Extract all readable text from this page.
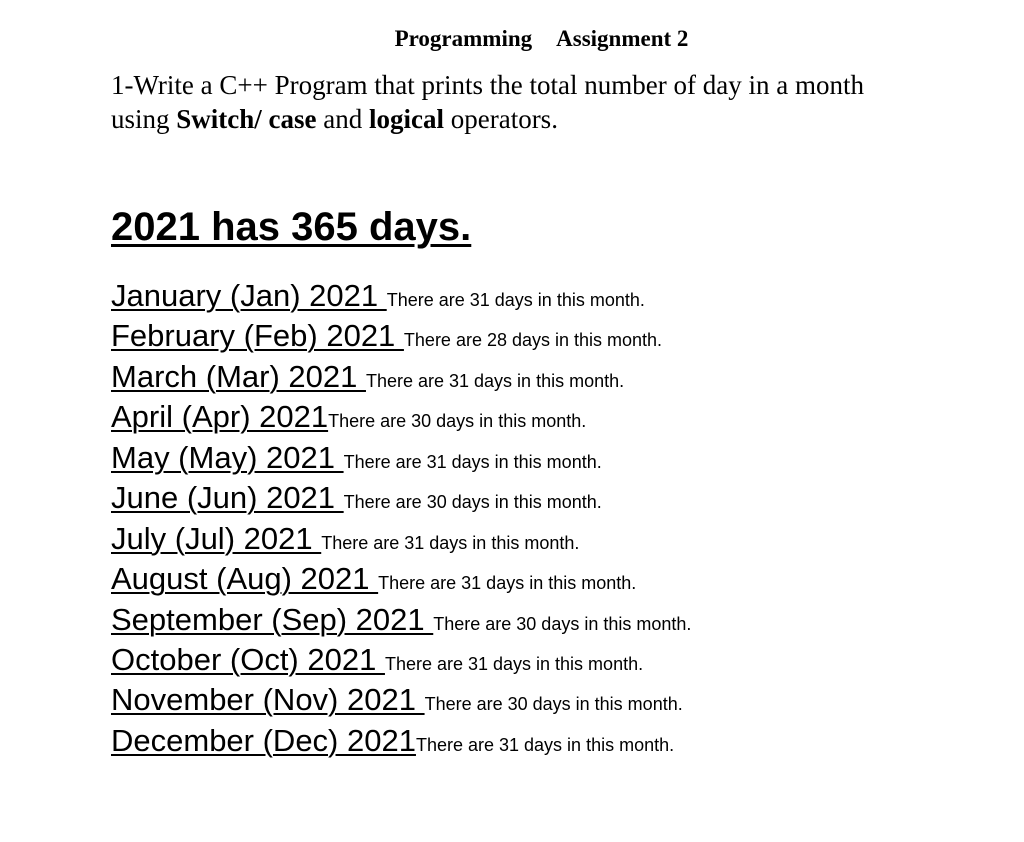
Programming Assignment 2
1-Write a C++ Program that prints the total number of day in a month using Switch/ case and logical operators.
2021 has 365 days.
January (Jan) 2021 There are 31 days in this month.
February (Feb) 2021 There are 28 days in this month.
March (Mar) 2021 There are 31 days in this month.
April (Apr) 2021 There are 30 days in this month.
May (May) 2021 There are 31 days in this month.
June (Jun) 2021 There are 30 days in this month.
July (Jul) 2021 There are 31 days in this month.
August (Aug) 2021 There are 31 days in this month.
September (Sep) 2021 There are 30 days in this month.
October (Oct) 2021 There are 31 days in this month.
November (Nov) 2021 There are 30 days in this month.
December (Dec) 2021 There are 31 days in this month.
